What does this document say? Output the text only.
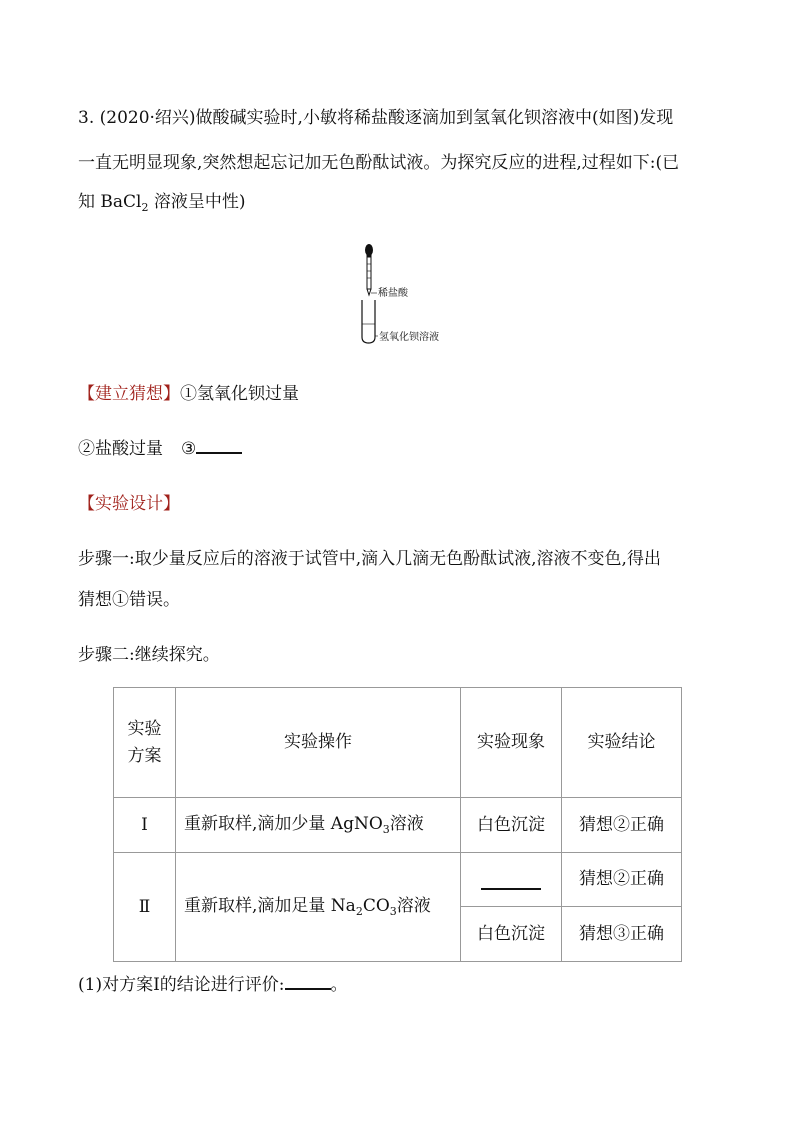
3. (2020·绍兴)做酸碱实验时,小敏将稀盐酸逐滴加到氢氧化钡溶液中(如图)发现
一直无明显现象,突然想起忘记加无色酚酞试液。为探究反应的进程,过程如下:(已
知 BaCl$_2$ 溶液呈中性)
稀盐酸
氢氧化钡溶液
【建立猜想】①氢氧化钡过量
②盐酸过量 ③
【实验设计】
步骤一:取少量反应后的溶液于试管中,滴入几滴无色酚酞试液,溶液不变色,得出
猜想①错误。
步骤二:继续探究。
实验
方案	实验操作	实验现象	实验结论
Ⅰ	重新取样,滴加少量 AgNO$_3$溶液	白色沉淀	猜想②正确
Ⅱ	重新取样,滴加足量 $Na_2CO_3$溶液		猜想②正确
		白色沉淀	猜想③正确
(1)对方案Ⅰ的结论进行评价:	。
